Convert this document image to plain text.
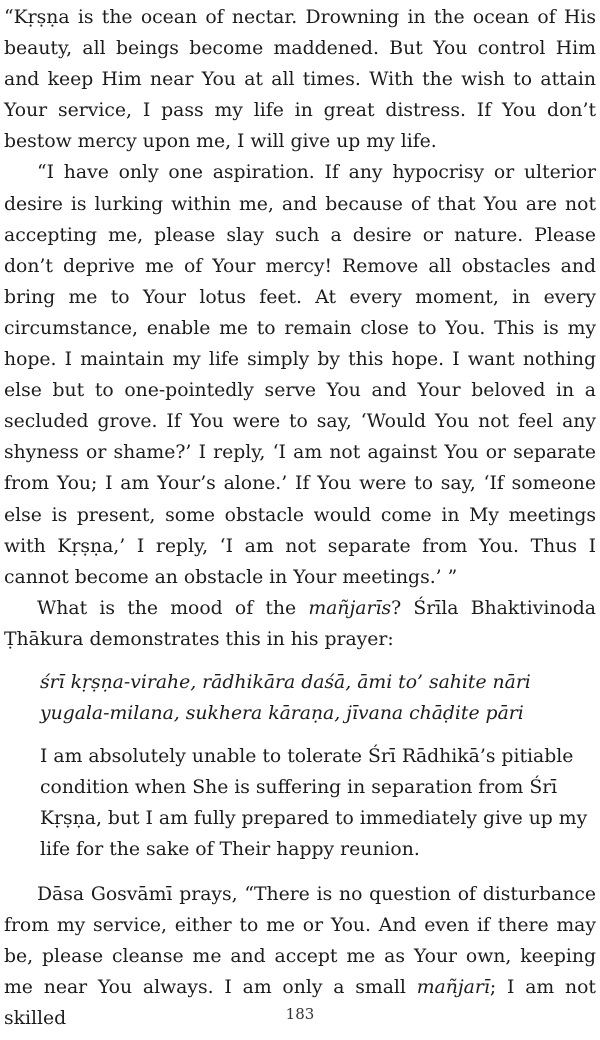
“Kṛṣṇa is the ocean of nectar. Drowning in the ocean of His beauty, all beings become maddened. But You control Him and keep Him near You at all times. With the wish to attain Your service, I pass my life in great distress. If You don’t bestow mercy upon me, I will give up my life.

“I have only one aspiration. If any hypocrisy or ulterior desire is lurking within me, and because of that You are not accepting me, please slay such a desire or nature. Please don’t deprive me of Your mercy! Remove all obstacles and bring me to Your lotus feet. At every moment, in every circumstance, enable me to remain close to You. This is my hope. I maintain my life simply by this hope. I want nothing else but to one-pointedly serve You and Your beloved in a secluded grove. If You were to say, ‘Would You not feel any shyness or shame?’ I reply, ‘I am not against You or separate from You; I am Your’s alone.’ If You were to say, ‘If someone else is present, some obstacle would come in My meetings with Kṛṣṇa,’ I reply, ‘I am not separate from You. Thus I cannot become an obstacle in Your meetings.’ ”

What is the mood of the mañjarīs? Śrīla Bhaktivinoda Ṭhākura demonstrates this in his prayer:

śrī kṛṣṇa-virahe, rādhikāra daśā, āmi to’ sahite nāri
yugala-milana, sukhera kāraṇa, jīvana chāḍite pāri

I am absolutely unable to tolerate Śrī Rādhikā’s pitiable condition when She is suffering in separation from Śrī Kṛṣṇa, but I am fully prepared to immediately give up my life for the sake of Their happy reunion.

Dāsa Gosvāmī prays, “There is no question of disturbance from my service, either to me or You. And even if there may be, please cleanse me and accept me as Your own, keeping me near You always. I am only a small mañjarī; I am not skilled	183
